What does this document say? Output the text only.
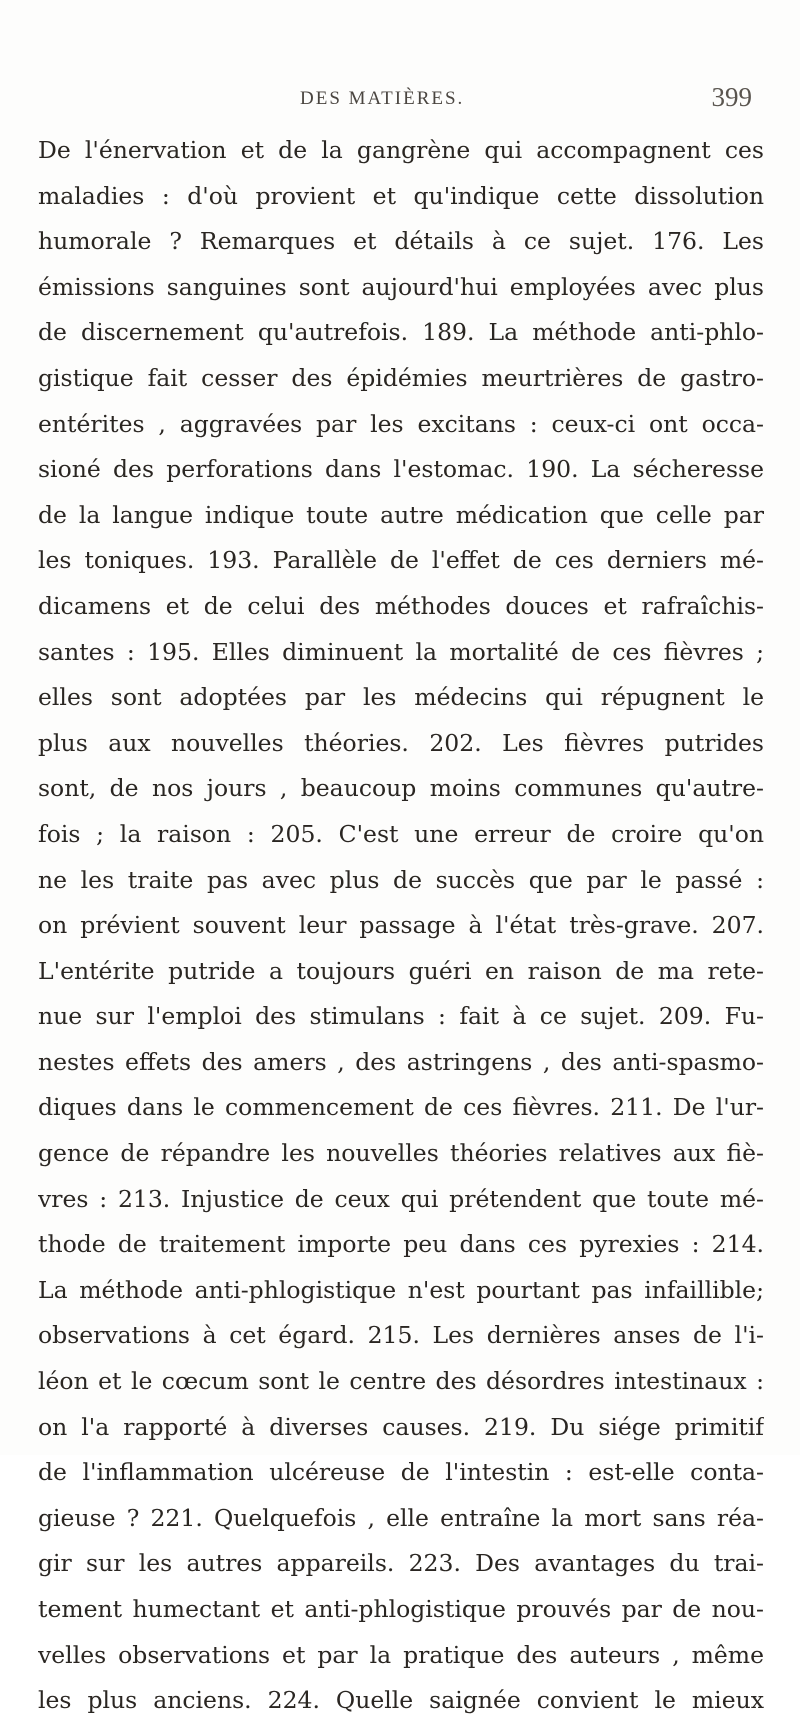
DES MATIÈRES.	399
De l'énervation et de la gangrène qui accompagnent ces
maladies : d'où provient et qu'indique cette dissolution
humorale ? Remarques et détails à ce sujet. 176. Les
émissions sanguines sont aujourd'hui employées avec plus
de discernement qu'autrefois. 189. La méthode anti-phlo-
gistique fait cesser des épidémies meurtrières de gastro-
entérites , aggravées par les excitans : ceux-ci ont occa-
sioné des perforations dans l'estomac. 190. La sécheresse
de la langue indique toute autre médication que celle par
les toniques. 193. Parallèle de l'effet de ces derniers mé-
dicamens et de celui des méthodes douces et rafraîchis-
santes : 195. Elles diminuent la mortalité de ces fièvres ;
elles sont adoptées par les médecins qui répugnent le
plus aux nouvelles théories. 202. Les fièvres putrides
sont, de nos jours , beaucoup moins communes qu'autre-
fois ; la raison : 205. C'est une erreur de croire qu'on
ne les traite pas avec plus de succès que par le passé :
on prévient souvent leur passage à l'état très-grave. 207.
L'entérite putride a toujours guéri en raison de ma rete-
nue sur l'emploi des stimulans : fait à ce sujet. 209. Fu-
nestes effets des amers , des astringens , des anti-spasmo-
diques dans le commencement de ces fièvres. 211. De l'ur-
gence de répandre les nouvelles théories relatives aux fiè-
vres : 213. Injustice de ceux qui prétendent que toute mé-
thode de traitement importe peu dans ces pyrexies : 214.
La méthode anti-phlogistique n'est pourtant pas infaillible;
observations à cet égard. 215. Les dernières anses de l'i-
léon et le cœcum sont le centre des désordres intestinaux :
on l'a rapporté à diverses causes. 219. Du siége primitif
de l'inflammation ulcéreuse de l'intestin : est-elle conta-
gieuse ? 221. Quelquefois , elle entraîne la mort sans réa-
gir sur les autres appareils. 223. Des avantages du trai-
tement humectant et anti-phlogistique prouvés par de nou-
velles observations et par la pratique des auteurs , même
les plus anciens. 224. Quelle saignée convient le mieux
